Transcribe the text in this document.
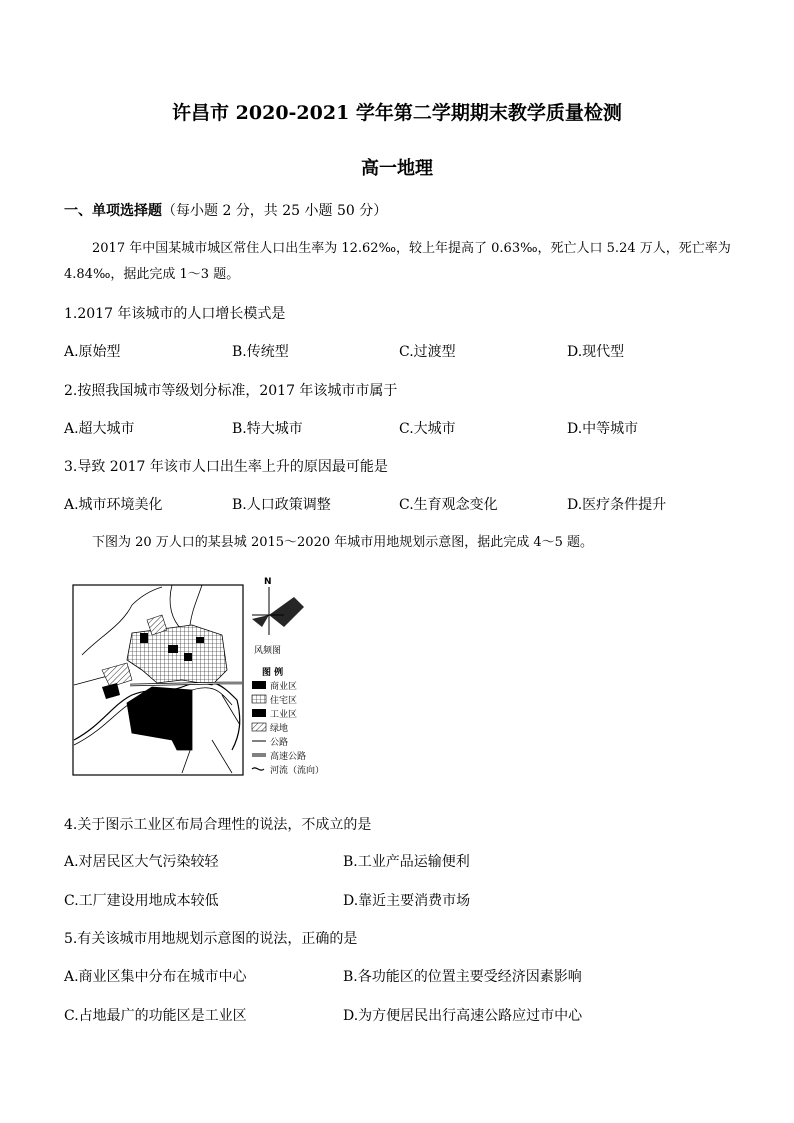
许昌市 2020-2021 学年第二学期期末教学质量检测
高一地理
一、单项选择题（每小题 2 分，共 25 小题 50 分）
2017 年中国某城市城区常住人口出生率为 12.62‰，较上年提高了 0.63‰，死亡人口 5.24 万人，死亡率为 4.84‰，据此完成 1～3 题。
1.2017 年该城市的人口增长模式是
A.原始型	B.传统型	C.过渡型	D.现代型
2.按照我国城市等级划分标准，2017 年该城市市属于
A.超大城市	B.特大城市	C.大城市	D.中等城市
3.导致 2017 年该市人口出生率上升的原因最可能是
A.城市环境美化	B.人口政策调整	C.生育观念变化	D.医疗条件提升
下图为 20 万人口的某县城 2015～2020 年城市用地规划示意图，据此完成 4～5 题。
N
风频图
图 例
商业区
住宅区
工业区
绿地
公路
高速公路
河流（流向）
4.关于图示工业区布局合理性的说法，不成立的是
A.对居民区大气污染较轻	B.工业产品运输便利
C.工厂建设用地成本较低	D.靠近主要消费市场
5.有关该城市用地规划示意图的说法，正确的是
A.商业区集中分布在城市中心	B.各功能区的位置主要受经济因素影响
C.占地最广的功能区是工业区	D.为方便居民出行高速公路应过市中心
